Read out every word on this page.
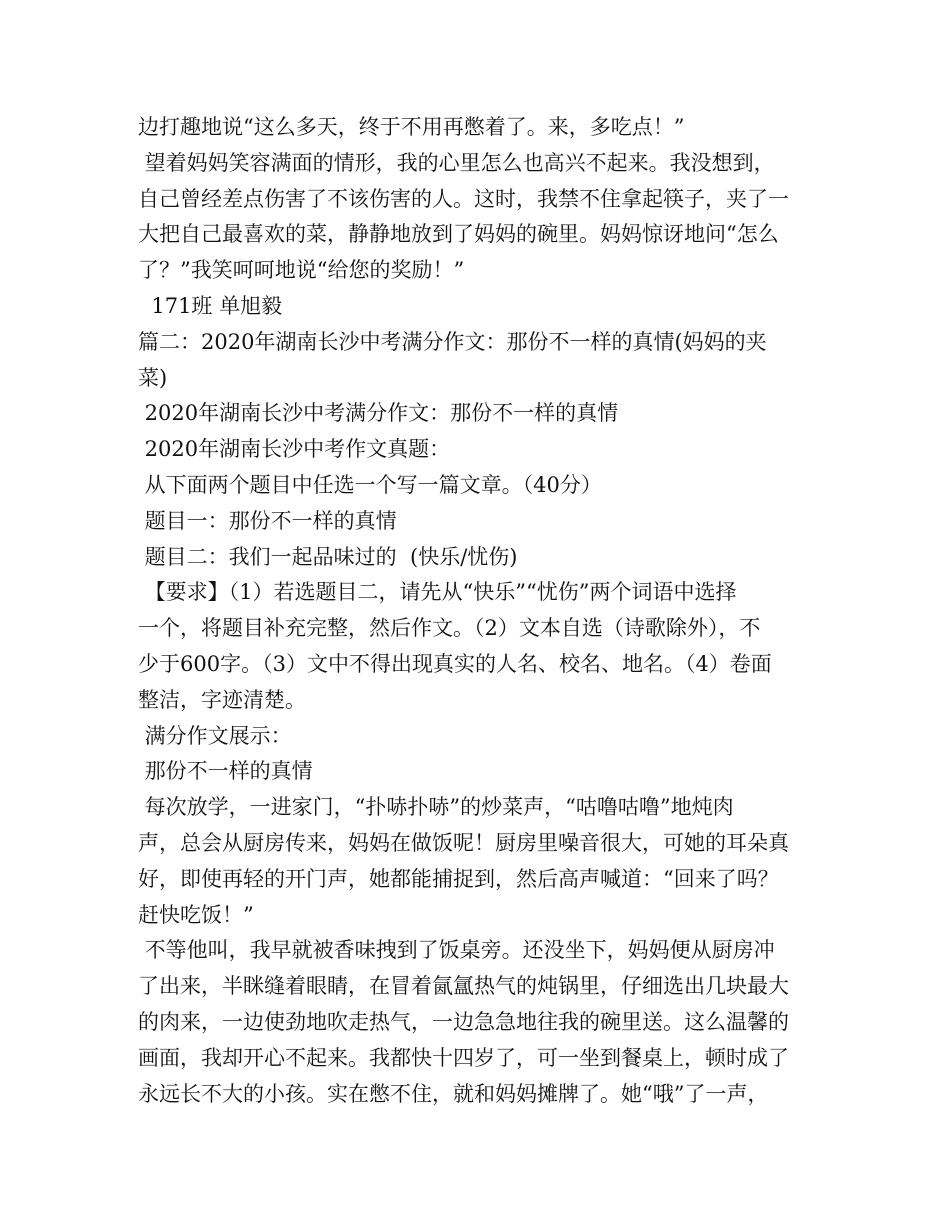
边打趣地说“这么多天，终于不用再憋着了。来，多吃点！”
望着妈妈笑容满面的情形，我的心里怎么也高兴不起来。我没想到，
自己曾经差点伤害了不该伤害的人。这时，我禁不住拿起筷子，夹了一
大把自己最喜欢的菜，静静地放到了妈妈的碗里。妈妈惊讶地问“怎么
了？”我笑呵呵地说“给您的奖励！”
171班 单旭毅
篇二：2020年湖南长沙中考满分作文：那份不一样的真情(妈妈的夹
菜)
2020年湖南长沙中考满分作文：那份不一样的真情
2020年湖南长沙中考作文真题：
从下面两个题目中任选一个写一篇文章。（40分）
题目一：那份不一样的真情
题目二：我们一起品味过的  (快乐/忧伤)
【要求】（1）若选题目二，请先从“快乐”“忧伤”两个词语中选择
一个，将题目补充完整，然后作文。（2）文本自选（诗歌除外），不
少于600字。（3）文中不得出现真实的人名、校名、地名。（4）卷面
整洁，字迹清楚。
满分作文展示：
那份不一样的真情
每次放学，一进家门，“扑哧扑哧”的炒菜声，“咕噜咕噜”地炖肉
声，总会从厨房传来，妈妈在做饭呢！厨房里噪音很大，可她的耳朵真
好，即使再轻的开门声，她都能捕捉到，然后高声喊道：“回来了吗？
赶快吃饭！”
不等他叫，我早就被香味拽到了饭桌旁。还没坐下，妈妈便从厨房冲
了出来，半眯缝着眼睛，在冒着氤氲热气的炖锅里，仔细选出几块最大
的肉来，一边使劲地吹走热气，一边急急地往我的碗里送。这么温馨的
画面，我却开心不起来。我都快十四岁了，可一坐到餐桌上，顿时成了
永远长不大的小孩。实在憋不住，就和妈妈摊牌了。她“哦”了一声，
